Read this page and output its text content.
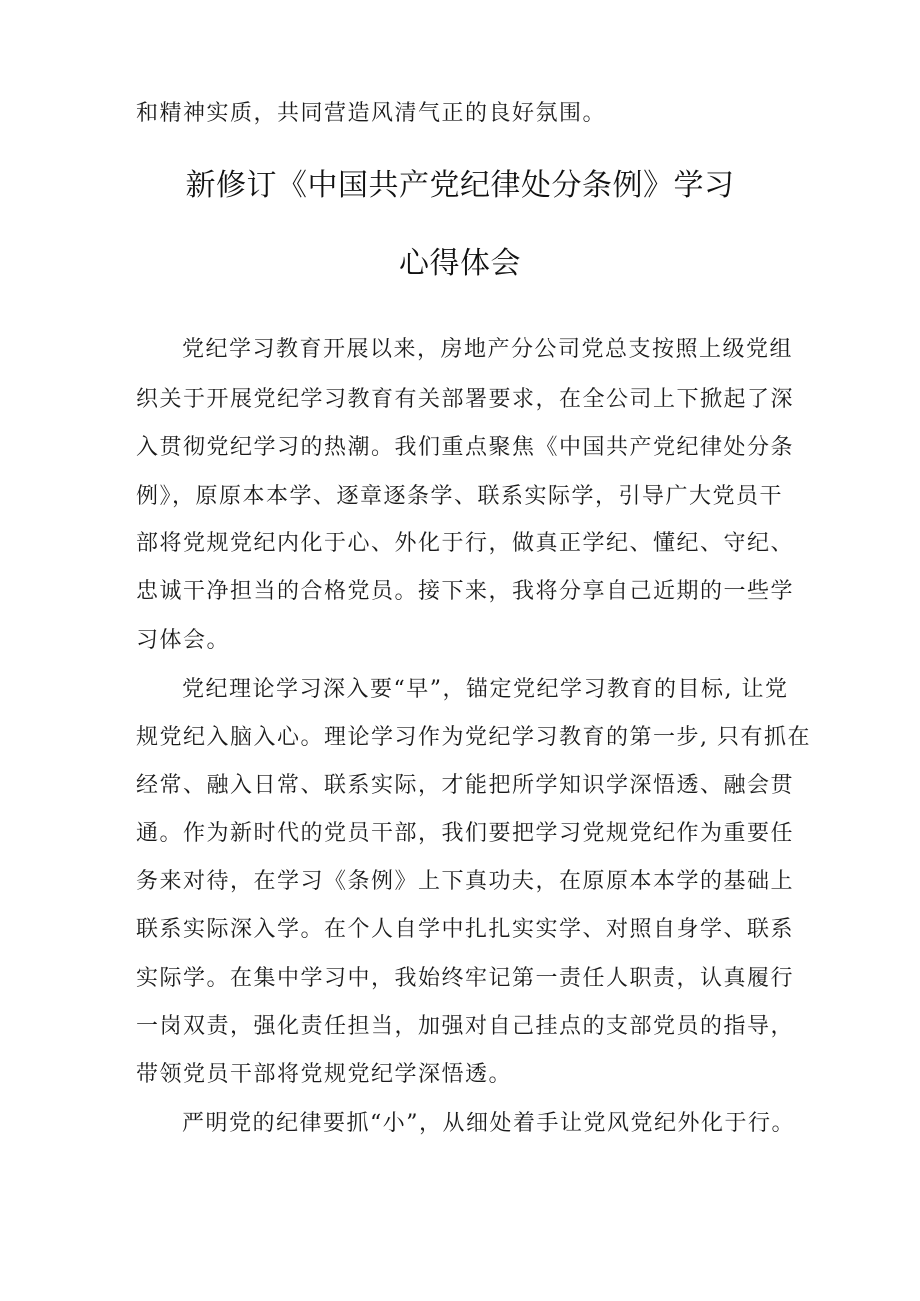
和精神实质，共同营造风清气正的良好氛围。
新修订《中国共产党纪律处分条例》学习
心得体会
党纪学习教育开展以来，房地产分公司党总支按照上级党组
织关于开展党纪学习教育有关部署要求，在全公司上下掀起了深
入贯彻党纪学习的热潮。我们重点聚焦《中国共产党纪律处分条
例》，原原本本学、逐章逐条学、联系实际学，引导广大党员干
部将党规党纪内化于心、外化于行，做真正学纪、懂纪、守纪、
忠诚干净担当的合格党员。接下来，我将分享自己近期的一些学
习体会。
党纪理论学习深入要“早”，锚定党纪学习教育的目标, 让党
规党纪入脑入心。理论学习作为党纪学习教育的第一步, 只有抓在
经常、融入日常、联系实际，才能把所学知识学深悟透、融会贯
通。作为新时代的党员干部，我们要把学习党规党纪作为重要任
务来对待，在学习《条例》上下真功夫，在原原本本学的基础上
联系实际深入学。在个人自学中扎扎实实学、对照自身学、联系
实际学。在集中学习中，我始终牢记第一责任人职责，认真履行
一岗双责，强化责任担当，加强对自己挂点的支部党员的指导，
带领党员干部将党规党纪学深悟透。
严明党的纪律要抓“小”，从细处着手让党风党纪外化于行。
